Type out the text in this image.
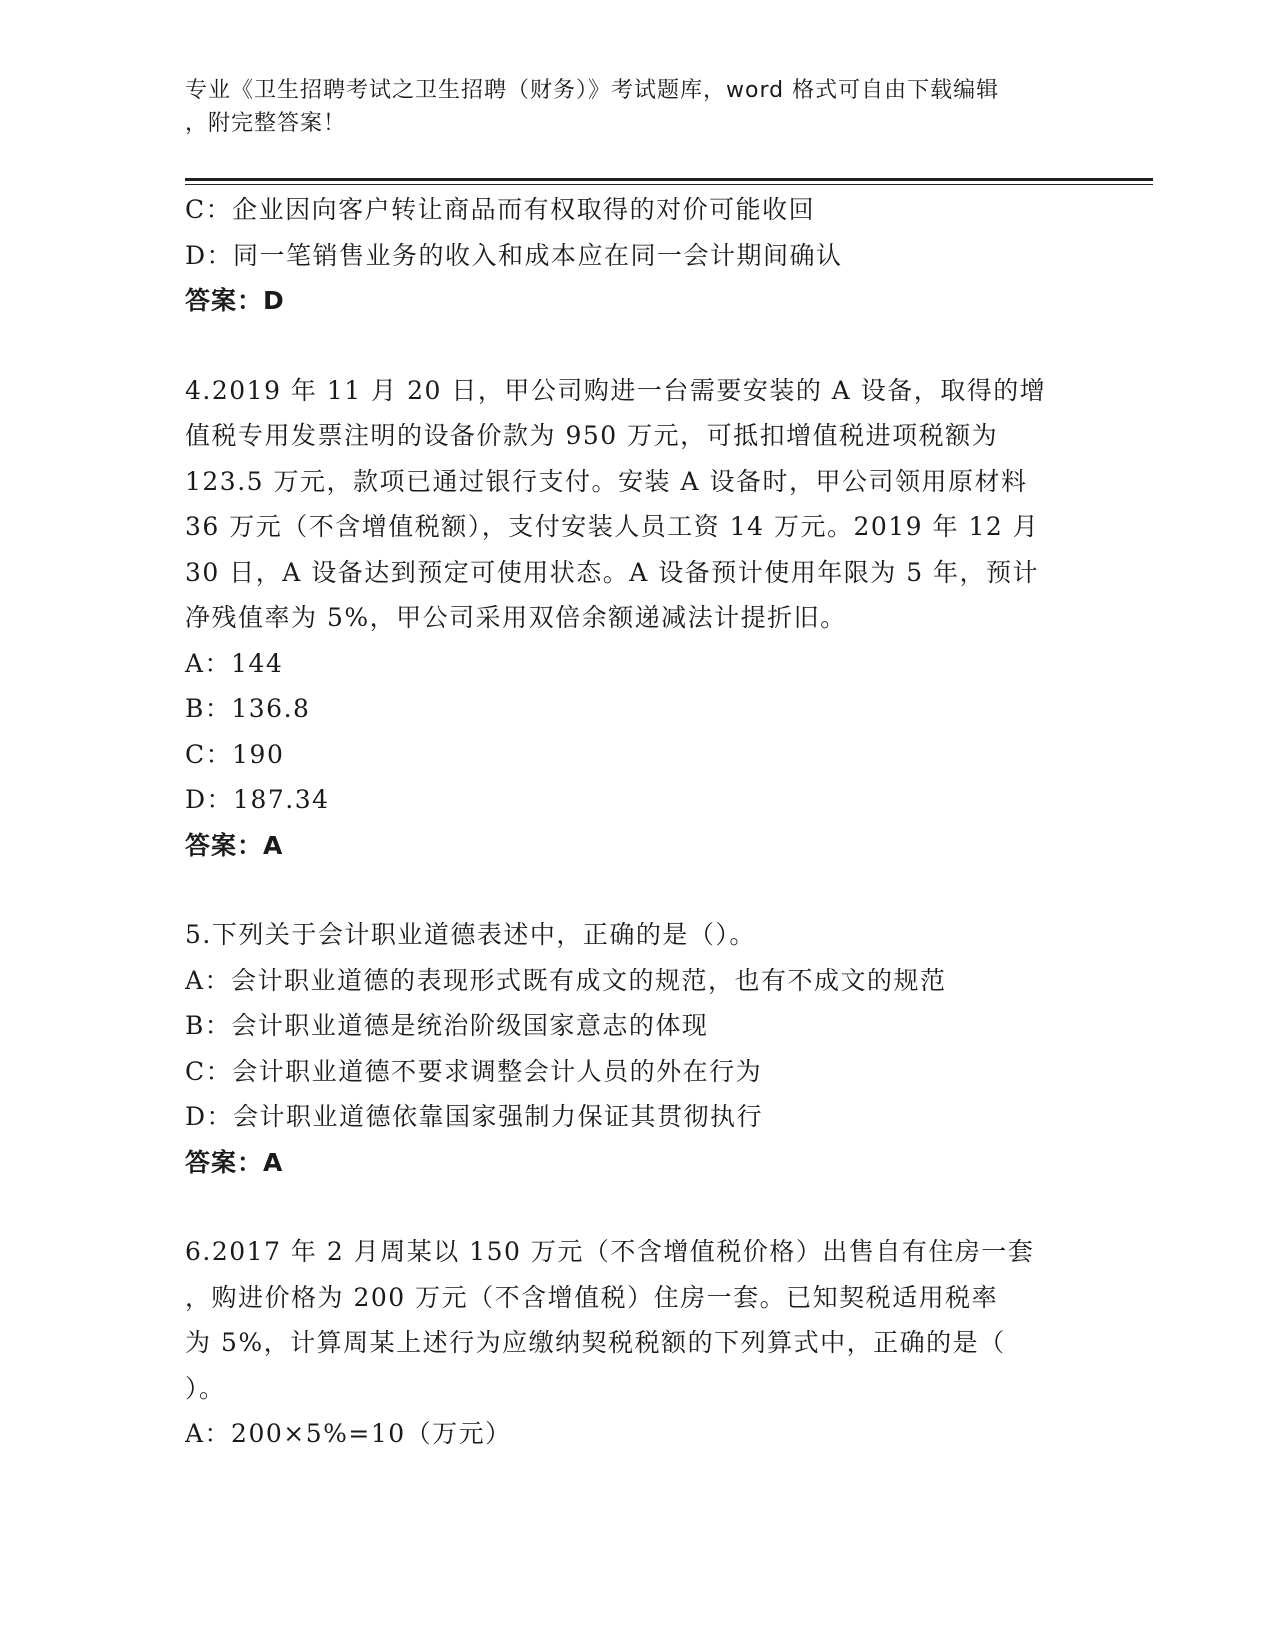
专业《卫生招聘考试之卫生招聘（财务）》考试题库，word 格式可自由下载编辑
，附完整答案！
C：企业因向客户转让商品而有权取得的对价可能收回
D：同一笔销售业务的收入和成本应在同一会计期间确认
答案：D
4.2019 年 11 月 20 日，甲公司购进一台需要安装的 A 设备，取得的增
值税专用发票注明的设备价款为 950 万元，可抵扣增值税进项税额为
123.5 万元，款项已通过银行支付。安装 A 设备时，甲公司领用原材料
36 万元（不含增值税额），支付安装人员工资 14 万元。2019 年 12 月
30 日，A 设备达到预定可使用状态。A 设备预计使用年限为 5 年，预计
净残值率为 5%，甲公司采用双倍余额递减法计提折旧。
A：144
B：136.8
C：190
D：187.34
答案：A
5.下列关于会计职业道德表述中，正确的是（）。
A：会计职业道德的表现形式既有成文的规范，也有不成文的规范
B：会计职业道德是统治阶级国家意志的体现
C：会计职业道德不要求调整会计人员的外在行为
D：会计职业道德依靠国家强制力保证其贯彻执行
答案：A
6.2017 年 2 月周某以 150 万元（不含增值税价格）出售自有住房一套
，购进价格为 200 万元（不含增值税）住房一套。已知契税适用税率
为 5%，计算周某上述行为应缴纳契税税额的下列算式中，正确的是（
）。
A：200×5%=10（万元）
